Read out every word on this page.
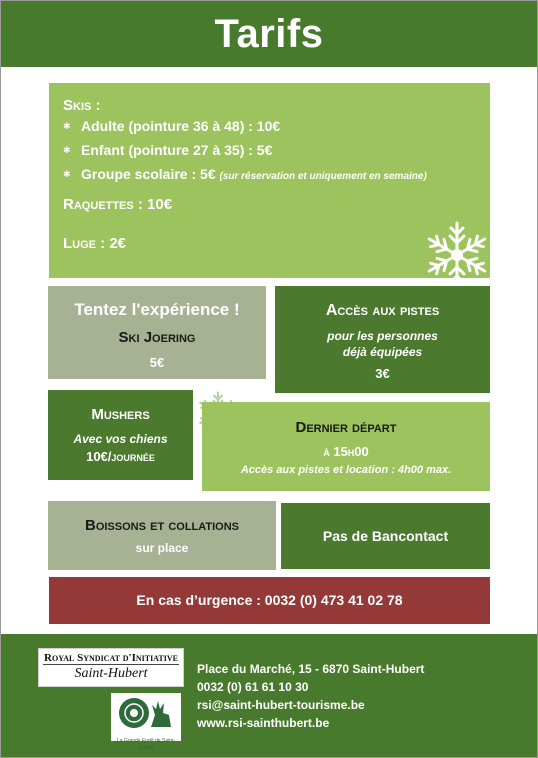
Tarifs
Skis :
✱ Adulte (pointure 36 à 48) : 10€
✱ Enfant (pointure 27 à 35) : 5€
✱ Groupe scolaire : 5€ (sur réservation et uniquement en semaine)
Raquettes : 10€
Luge : 2€
Tentez l'expérience !
Ski Joering
5€
Accès aux pistes
pour les personnes
déjà équipées
3€
Mushers
Avec vos chiens
10€/journée
Dernier départ
à 15h00
Accès aux pistes et location : 4h00 max.
Boissons et collations
sur place
Pas de Bancontact
En cas d’urgence : 0032 (0) 473 41 02 78
Royal Syndicat d'Initiative
Saint-Hubert
La Grande Forêt de Saint-Hubert
Place du Marché, 15 - 6870 Saint-Hubert
0032 (0) 61 61 10 30
rsi@saint-hubert-tourisme.be
www.rsi-sainthubert.be
